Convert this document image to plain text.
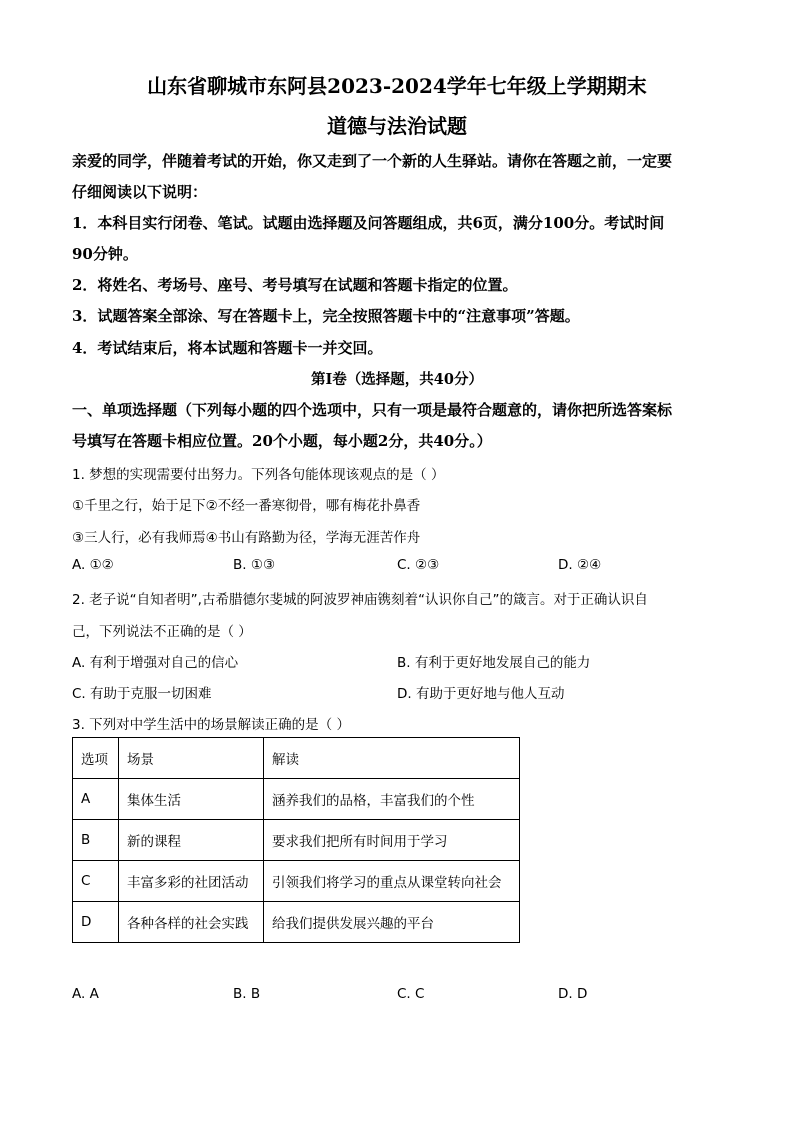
山东省聊城市东阿县2023-2024学年七年级上学期期末
道德与法治试题
亲爱的同学，伴随着考试的开始，你又走到了一个新的人生驿站。请你在答题之前，一定要
仔细阅读以下说明：
1．本科目实行闭卷、笔试。试题由选择题及问答题组成，共6页，满分100分。考试时间
90分钟。
2．将姓名、考场号、座号、考号填写在试题和答题卡指定的位置。
3．试题答案全部涂、写在答题卡上，完全按照答题卡中的“注意事项”答题。
4．考试结束后，将本试题和答题卡一并交回。
第Ⅰ卷（选择题，共40分）
一、单项选择题（下列每小题的四个选项中，只有一项是最符合题意的，请你把所选答案标
号填写在答题卡相应位置。20个小题，每小题2分，共40分。）
1. 梦想的实现需要付出努力。下列各句能体现该观点的是（ ）
①千里之行，始于足下②不经一番寒彻骨，哪有梅花扑鼻香
③三人行，必有我师焉④书山有路勤为径，学海无涯苦作舟
A. ①②	B. ①③	C. ②③	D. ②④
2. 老子说“自知者明”,古希腊德尔斐城的阿波罗神庙镌刻着“认识你自己”的箴言。对于正确认识自
己，下列说法不正确的是（ ）
A. 有利于增强对自己的信心	B. 有利于更好地发展自己的能力
C. 有助于克服一切困难	D. 有助于更好地与他人互动
3. 下列对中学生活中的场景解读正确的是（ ）
选项	场景	解读
A	集体生活	涵养我们的品格，丰富我们的个性
B	新的课程	要求我们把所有时间用于学习
C	丰富多彩的社团活动	引领我们将学习的重点从课堂转向社会
D	各种各样的社会实践	给我们提供发展兴趣的平台
A. A	B. B	C. C	D. D
